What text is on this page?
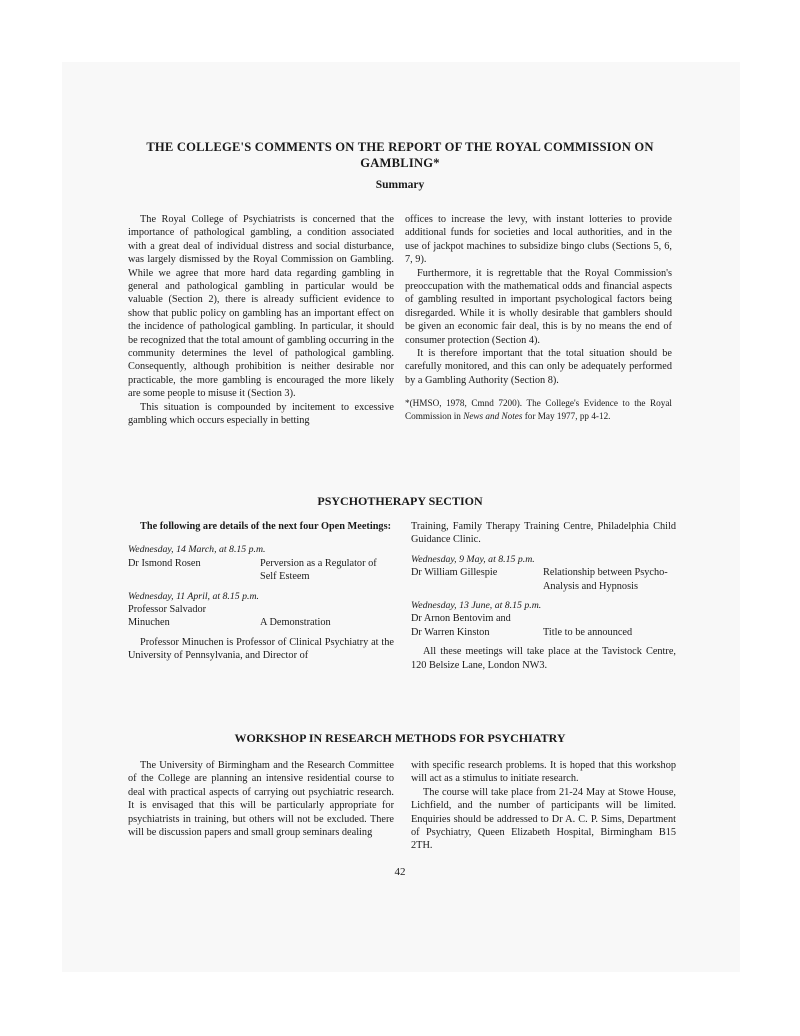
THE COLLEGE'S COMMENTS ON THE REPORT OF THE ROYAL COMMISSION ON
GAMBLING*
Summary

The Royal College of Psychiatrists is concerned that the importance of pathological gambling, a condition associated with a great deal of individual distress and social disturbance, was largely dismissed by the Royal Commission on Gambling. While we agree that more hard data regarding gambling in general and pathological gambling in particular would be valuable (Section 2), there is already sufficient evidence to show that public policy on gambling has an important effect on the incidence of pathological gambling. In particular, it should be recognized that the total amount of gambling occurring in the community determines the level of pathological gambling. Consequently, although prohibition is neither desirable nor practicable, the more gambling is encouraged the more likely are some people to misuse it (Section 3).

This situation is compounded by incitement to excessive gambling which occurs especially in betting

offices to increase the levy, with instant lotteries to provide additional funds for societies and local authorities, and in the use of jackpot machines to subsidize bingo clubs (Sections 5, 6, 7, 9).

Furthermore, it is regrettable that the Royal Commission's preoccupation with the mathematical odds and financial aspects of gambling resulted in important psychological factors being disregarded. While it is wholly desirable that gamblers should be given an economic fair deal, this is by no means the end of consumer protection (Section 4).

It is therefore important that the total situation should be carefully monitored, and this can only be adequately performed by a Gambling Authority (Section 8).

*(HMSO, 1978, Cmnd 7200). The College's Evidence to the Royal Commission in News and Notes for May 1977, pp 4-12.

PSYCHOTHERAPY SECTION

The following are details of the next four Open Meetings:

Wednesday, 14 March, at 8.15 p.m.
Dr Ismond Rosen	Perversion as a Regulator of Self Esteem
Wednesday, 11 April, at 8.15 p.m.
Professor Salvador
Minuchen	A Demonstration

Professor Minuchen is Professor of Clinical Psychiatry at the University of Pennsylvania, and Director of

Training, Family Therapy Training Centre, Philadelphia Child Guidance Clinic.

Wednesday, 9 May, at 8.15 p.m.
Dr William Gillespie	Relationship between Psycho-Analysis and Hypnosis
Wednesday, 13 June, at 8.15 p.m.
Dr Arnon Bentovim and
Dr Warren Kinston	Title to be announced

All these meetings will take place at the Tavistock Centre, 120 Belsize Lane, London NW3.

WORKSHOP IN RESEARCH METHODS FOR PSYCHIATRY

The University of Birmingham and the Research Committee of the College are planning an intensive residential course to deal with practical aspects of carrying out psychiatric research. It is envisaged that this will be particularly appropriate for psychiatrists in training, but others will not be excluded. There will be discussion papers and small group seminars dealing

with specific research problems. It is hoped that this workshop will act as a stimulus to initiate research.

The course will take place from 21-24 May at Stowe House, Lichfield, and the number of participants will be limited. Enquiries should be addressed to Dr A. C. P. Sims, Department of Psychiatry, Queen Elizabeth Hospital, Birmingham B15 2TH.

42
